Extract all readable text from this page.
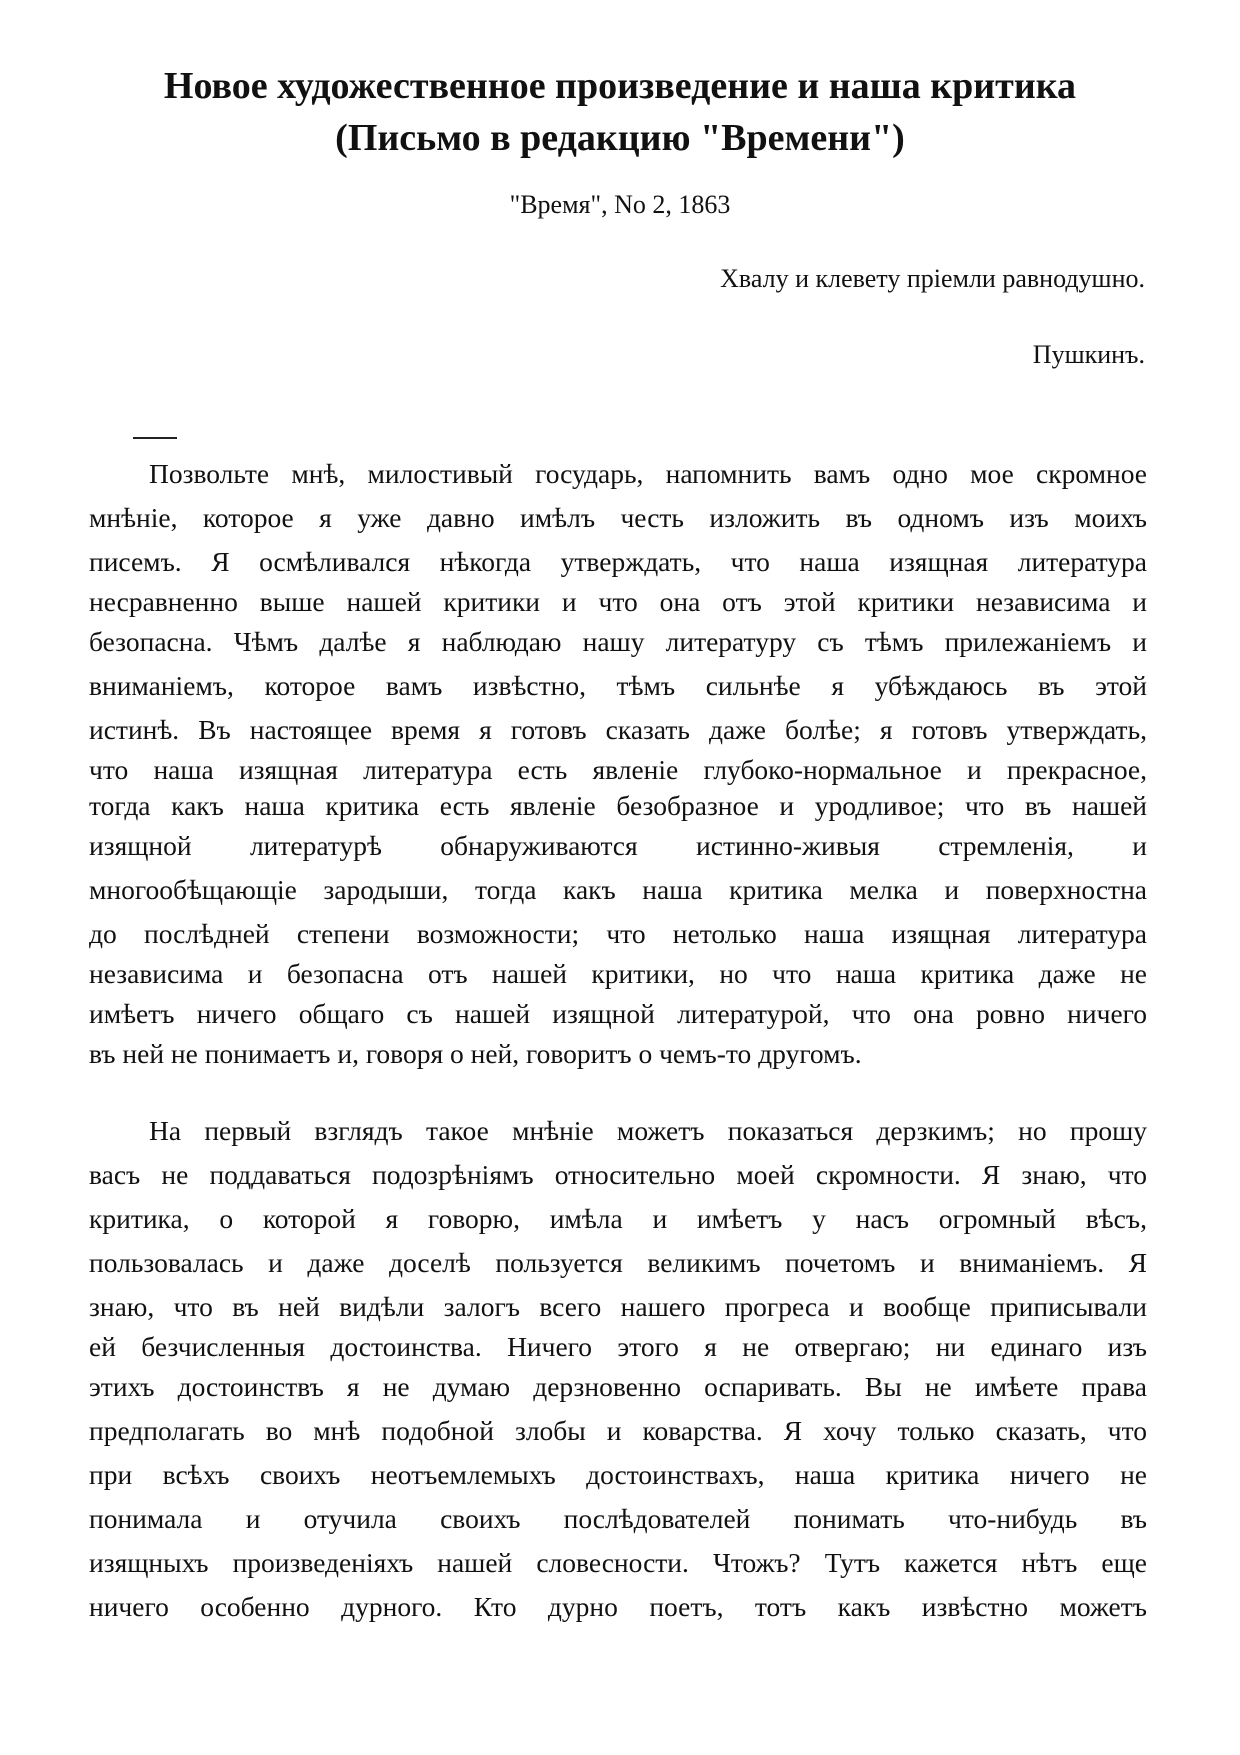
Новое художественное произведение и наша критика
(Письмо в редакцию "Времени")
"Время", No 2, 1863
Хвалу и клевету пріемли равнодушно.
Пушкинъ.
Позвольте мнѣ, милостивый государь, напомнить вамъ одно мое скромное
мнѣніе, которое я уже давно имѣлъ честь изложить въ одномъ изъ моихъ
писемъ. Я осмѣливался нѣкогда утверждать, что наша изящная литература
несравненно выше нашей критики и что она отъ этой критики независима и
безопасна. Чѣмъ далѣе я наблюдаю нашу литературу съ тѣмъ прилежаніемъ и
вниманіемъ, которое вамъ извѣстно, тѣмъ сильнѣе я убѣждаюсь въ этой
истинѣ. Въ настоящее время я готовъ сказать даже болѣе; я готовъ утверждать,
что наша изящная литература есть явленіе глубоко-нормальное и прекрасное,
тогда какъ наша критика есть явленіе безобразное и уродливое; что въ нашей
изящной литературѣ обнаруживаются истинно-живыя стремленія, и
многообѣщающіе зародыши, тогда какъ наша критика мелка и поверхностна
до послѣдней степени возможности; что нетолько наша изящная литература
независима и безопасна отъ нашей критики, но что наша критика даже не
имѣетъ ничего общаго съ нашей изящной литературой, что она ровно ничего
въ ней не понимаетъ и, говоря о ней, говоритъ о чемъ-то другомъ.
На первый взглядъ такое мнѣніе можетъ показаться дерзкимъ; но прошу
васъ не поддаваться подозрѣніямъ относительно моей скромности. Я знаю, что
критика, о которой я говорю, имѣла и имѣетъ у насъ огромный вѣсъ,
пользовалась и даже доселѣ пользуется великимъ почетомъ и вниманіемъ. Я
знаю, что въ ней видѣли залогъ всего нашего прогреса и вообще приписывали
ей безчисленныя достоинства. Ничего этого я не отвергаю; ни единаго изъ
этихъ достоинствъ я не думаю дерзновенно оспаривать. Вы не имѣете права
предполагать во мнѣ подобной злобы и коварства. Я хочу только сказать, что
при всѣхъ своихъ неотъемлемыхъ достоинствахъ, наша критика ничего не
понимала и отучила своихъ послѣдователей понимать что-нибудь въ
изящныхъ произведеніяхъ нашей словесности. Чтожъ? Тутъ кажется нѣтъ еще
ничего особенно дурного. Кто дурно поетъ, тотъ какъ извѣстно можетъ
